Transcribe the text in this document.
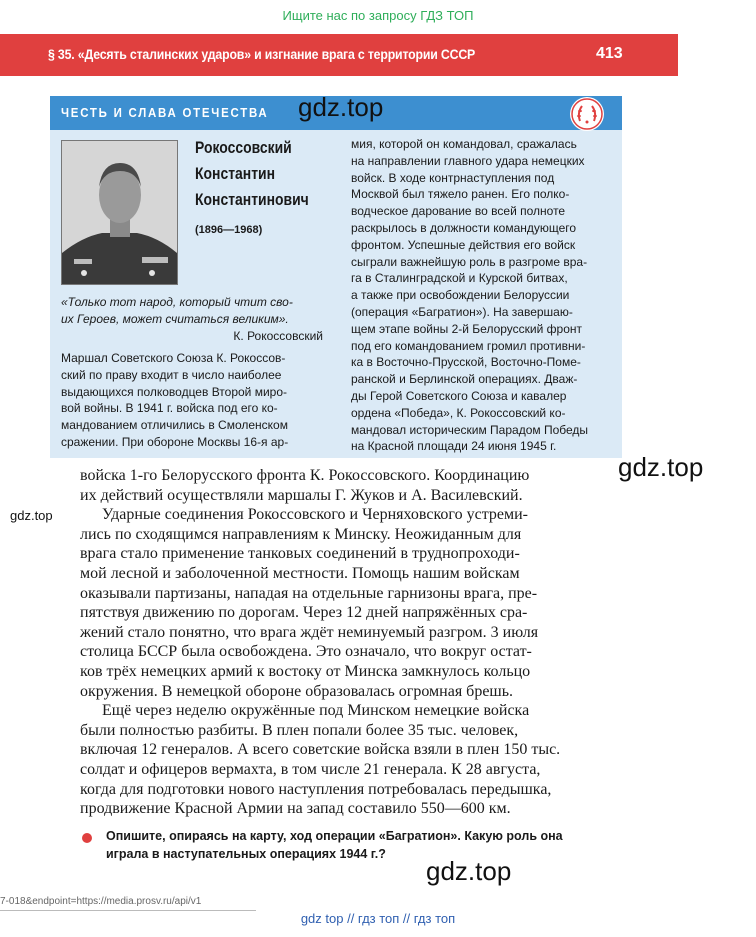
Ищите нас по запросу ГДЗ ТОП
§ 35. «Десять сталинских ударов» и изгнание врага с территории СССР	413
ЧЕСТЬ И СЛАВА ОТЕЧЕСТВА
Рокоссовский
Константин
Константинович
(1896—1968)
«Только тот народ, который чтит сво-
их Героев, может считаться великим».
К. Рокоссовский
Маршал Советского Союза К. Рокоссов-
ский по праву входит в число наиболее
выдающихся полководцев Второй миро-
вой войны. В 1941 г. войска под его ко-
мандованием отличились в Смоленском
сражении. При обороне Москвы 16-я ар-
мия, которой он командовал, сражалась
на направлении главного удара немецких
войск. В ходе контрнаступления под
Москвой был тяжело ранен. Его полко-
водческое дарование во всей полноте
раскрылось в должности командующего
фронтом. Успешные действия его войск
сыграли важнейшую роль в разгроме вра-
га в Сталинградской и Курской битвах,
а также при освобождении Белоруссии
(операция «Багратион»). На завершаю-
щем этапе войны 2-й Белорусский фронт
под его командованием громил противни-
ка в Восточно-Прусской, Восточно-Поме-
ранской и Берлинской операциях. Дваж-
ды Герой Советского Союза и кавалер
ордена «Победа», К. Рокоссовский ко-
мандовал историческим Парадом Победы
на Красной площади 24 июня 1945 г.
войска 1-го Белорусского фронта К. Рокоссовского. Координацию
их действий осуществляли маршалы Г. Жуков и А. Василевский.
Ударные соединения Рокоссовского и Черняховского устреми-
лись по сходящимся направлениям к Минску. Неожиданным для
врага стало применение танковых соединений в труднопроходи-
мой лесной и заболоченной местности. Помощь нашим войскам
оказывали партизаны, нападая на отдельные гарнизоны врага, пре-
пятствуя движению по дорогам. Через 12 дней напряжённых сра-
жений стало понятно, что врага ждёт неминуемый разгром. 3 июля
столица БССР была освобождена. Это означало, что вокруг остат-
ков трёх немецких армий к востоку от Минска замкнулось кольцо
окружения. В немецкой обороне образовалась огромная брешь.
Ещё через неделю окружённые под Минском немецкие войска
были полностью разбиты. В плен попали более 35 тыс. человек,
включая 12 генералов. А всего советские войска взяли в плен 150 тыс.
солдат и офицеров вермахта, в том числе 21 генерала. К 28 августа,
когда для подготовки нового наступления потребовалась передышка,
продвижение Красной Армии на запад составило 550—600 км.
Опишите, опираясь на карту, ход операции «Багратион». Какую роль она
играла в наступательных операциях 1944 г.?
gdz.top
gdz.top
gdz.top
gdz.top
7-018&endpoint=https://media.prosv.ru/api/v1
gdz top // гдз топ // гдз топ
